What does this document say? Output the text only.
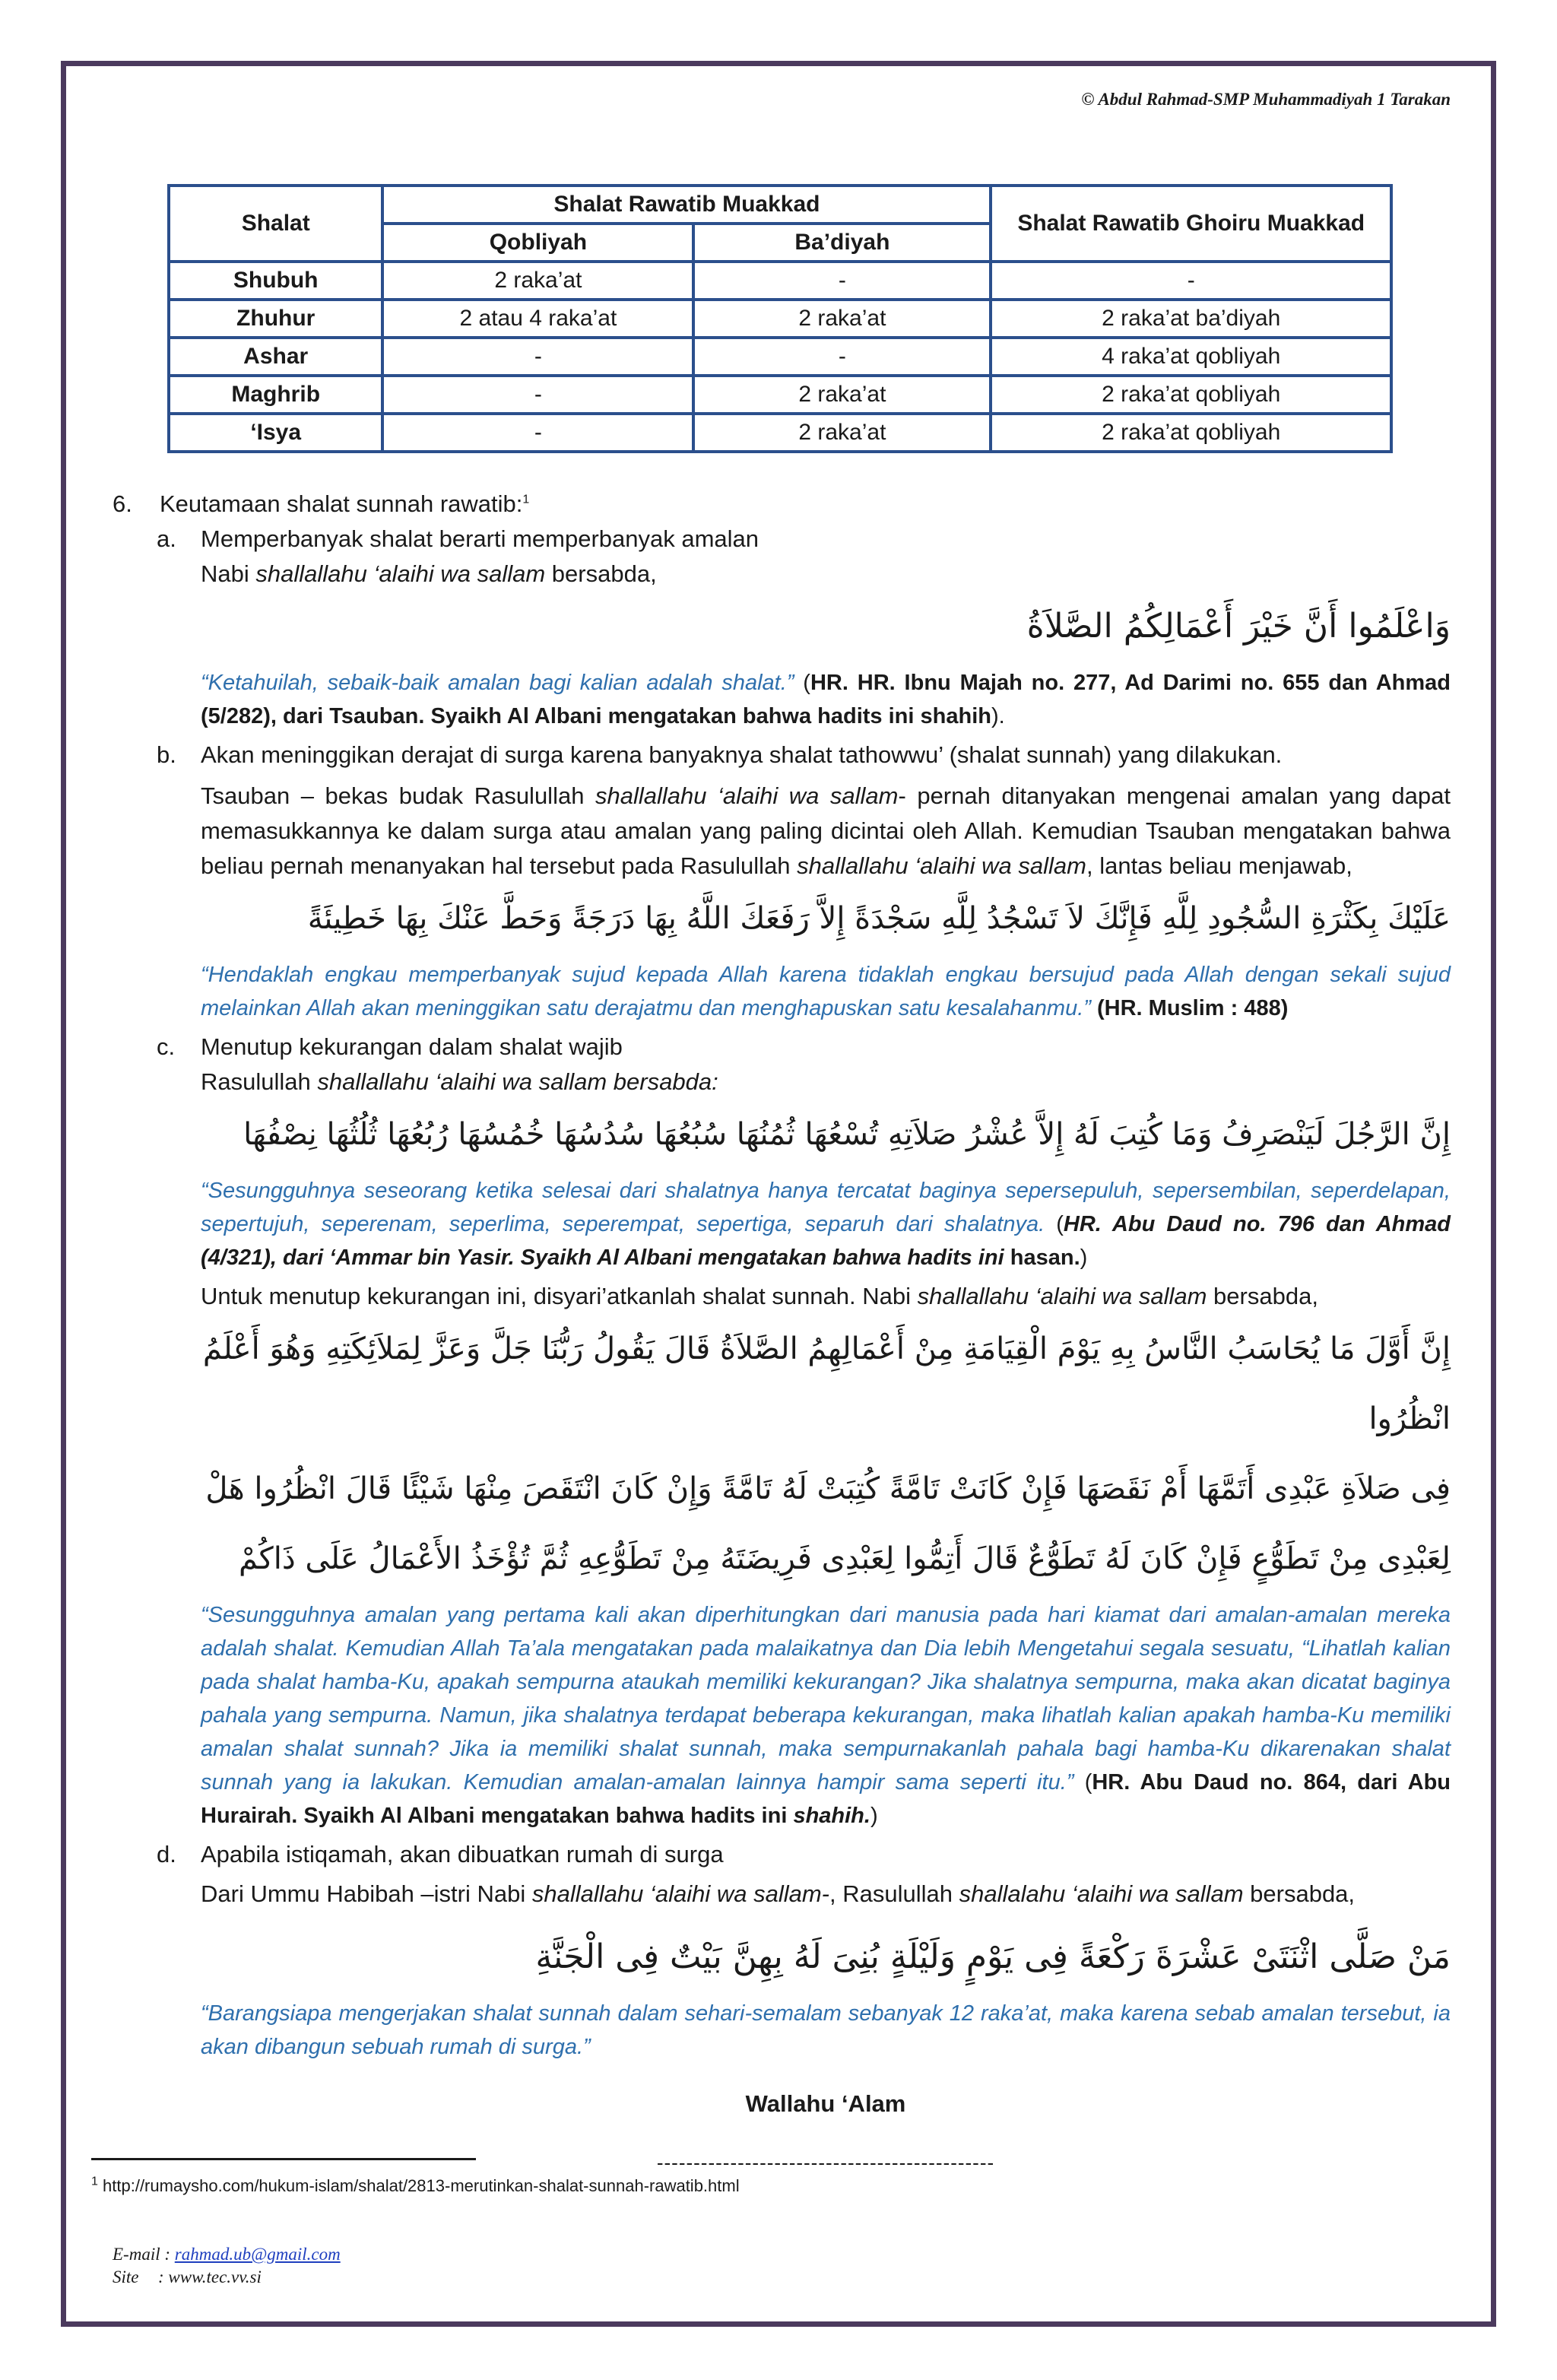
© Abdul Rahmad-SMP Muhammadiyah 1 Tarakan
Shalat	Shalat Rawatib Muakkad		Shalat Rawatib Ghoiru Muakkad
	Qobliyah	Ba’diyah	
Shubuh	2 raka’at	-	-
Zhuhur	2 atau 4 raka’at	2 raka’at	2 raka’at ba’diyah
Ashar	-	-	4 raka’at qobliyah
Maghrib	-	2 raka’at	2 raka’at qobliyah
‘Isya	-	2 raka’at	2 raka’at qobliyah

6. Keutamaan shalat sunnah rawatib:$^1$

a. Memperbanyak shalat berarti memperbanyak amalan

Nabi shallallahu ‘alaihi wa sallam bersabda,

وَاعْلَمُوا أَنَّ خَيْرَ أَعْمَالِكُمُ الصَّلاَةُ

“Ketahuilah, sebaik-baik amalan bagi kalian adalah shalat.” (HR. HR. Ibnu Majah no. 277, Ad Darimi no. 655 dan Ahmad (5/282), dari Tsauban. Syaikh Al Albani mengatakan bahwa hadits ini shahih).

b. Akan meninggikan derajat di surga karena banyaknya shalat tathowwu’ (shalat sunnah) yang dilakukan.

Tsauban – bekas budak Rasulullah shallallahu ‘alaihi wa sallam- pernah ditanyakan mengenai amalan yang dapat memasukkannya ke dalam surga atau amalan yang paling dicintai oleh Allah. Kemudian Tsauban mengatakan bahwa beliau pernah menanyakan hal tersebut pada Rasulullah shallallahu ‘alaihi wa sallam, lantas beliau menjawab,

عَلَيْكَ بِكَثْرَةِ السُّجُودِ لِلَّهِ فَإِنَّكَ لاَ تَسْجُدُ لِلَّهِ سَجْدَةً إِلاَّ رَفَعَكَ اللَّهُ بِهَا دَرَجَةً وَحَطَّ عَنْكَ بِهَا خَطِيئَةً

“Hendaklah engkau memperbanyak sujud kepada Allah karena tidaklah engkau bersujud pada Allah dengan sekali sujud melainkan Allah akan meninggikan satu derajatmu dan menghapuskan satu kesalahanmu.” (HR. Muslim : 488)

c. Menutup kekurangan dalam shalat wajib

Rasulullah shallallahu ‘alaihi wa sallam bersabda:

إِنَّ الرَّجُلَ لَيَنْصَرِفُ وَمَا كُتِبَ لَهُ إِلاَّ عُشْرُ صَلاَتِهِ تُسْعُهَا ثُمُنُهَا سُبُعُهَا سُدُسُهَا خُمُسُهَا رُبُعُهَا ثُلُثُهَا نِصْفُهَا

“Sesungguhnya seseorang ketika selesai dari shalatnya hanya tercatat baginya sepersepuluh, sepersembilan, seperdelapan, sepertujuh, seperenam, seperlima, seperempat, sepertiga, separuh dari shalatnya. (HR. Abu Daud no. 796 dan Ahmad (4/321), dari ‘Ammar bin Yasir. Syaikh Al Albani mengatakan bahwa hadits ini hasan.)

Untuk menutup kekurangan ini, disyari’atkanlah shalat sunnah. Nabi shallallahu ‘alaihi wa sallam bersabda,

إِنَّ أَوَّلَ مَا يُحَاسَبُ النَّاسُ بِهِ يَوْمَ الْقِيَامَةِ مِنْ أَعْمَالِهِمُ الصَّلاَةُ قَالَ يَقُولُ رَبُّنَا جَلَّ وَعَزَّ لِمَلاَئِكَتِهِ وَهُوَ أَعْلَمُ انْظُرُوا

فِى صَلاَةِ عَبْدِى أَتَمَّهَا أَمْ نَقَصَهَا فَإِنْ كَانَتْ تَامَّةً كُتِبَتْ لَهُ تَامَّةً وَإِنْ كَانَ انْتَقَصَ مِنْهَا شَيْئًا قَالَ انْظُرُوا هَلْ

لِعَبْدِى مِنْ تَطَوُّعٍ فَإِنْ كَانَ لَهُ تَطَوُّعٌ قَالَ أَتِمُّوا لِعَبْدِى فَرِيضَتَهُ مِنْ تَطَوُّعِهِ ثُمَّ تُؤْخَذُ الأَعْمَالُ عَلَى ذَاكُمْ

“Sesungguhnya amalan yang pertama kali akan diperhitungkan dari manusia pada hari kiamat dari amalan-amalan mereka adalah shalat. Kemudian Allah Ta’ala mengatakan pada malaikatnya dan Dia lebih Mengetahui segala sesuatu, “Lihatlah kalian pada shalat hamba-Ku, apakah sempurna ataukah memiliki kekurangan? Jika shalatnya sempurna, maka akan dicatat baginya pahala yang sempurna. Namun, jika shalatnya terdapat beberapa kekurangan, maka lihatlah kalian apakah hamba-Ku memiliki amalan shalat sunnah? Jika ia memiliki shalat sunnah, maka sempurnakanlah pahala bagi hamba-Ku dikarenakan shalat sunnah yang ia lakukan. Kemudian amalan-amalan lainnya hampir sama seperti itu.” (HR. Abu Daud no. 864, dari Abu Hurairah. Syaikh Al Albani mengatakan bahwa hadits ini shahih.)

d. Apabila istiqamah, akan dibuatkan rumah di surga

Dari Ummu Habibah –istri Nabi shallallahu ‘alaihi wa sallam-, Rasulullah shallalahu ‘alaihi wa sallam bersabda,

مَنْ صَلَّى اثْنَتَىْ عَشْرَةَ رَكْعَةً فِى يَوْمٍ وَلَيْلَةٍ بُنِىَ لَهُ بِهِنَّ بَيْتٌ فِى الْجَنَّةِ

“Barangsiapa mengerjakan shalat sunnah dalam sehari-semalam sebanyak 12 raka’at, maka karena sebab amalan tersebut, ia akan dibangun sebuah rumah di surga.”

Wallahu ‘Alam

----------------------------------------------

$^1$ http://rumaysho.com/hukum-islam/shalat/2813-merutinkan-shalat-sunnah-rawatib.html
E-mail : rahmad.ub@gmail.com
Site : www.tec.vv.si
